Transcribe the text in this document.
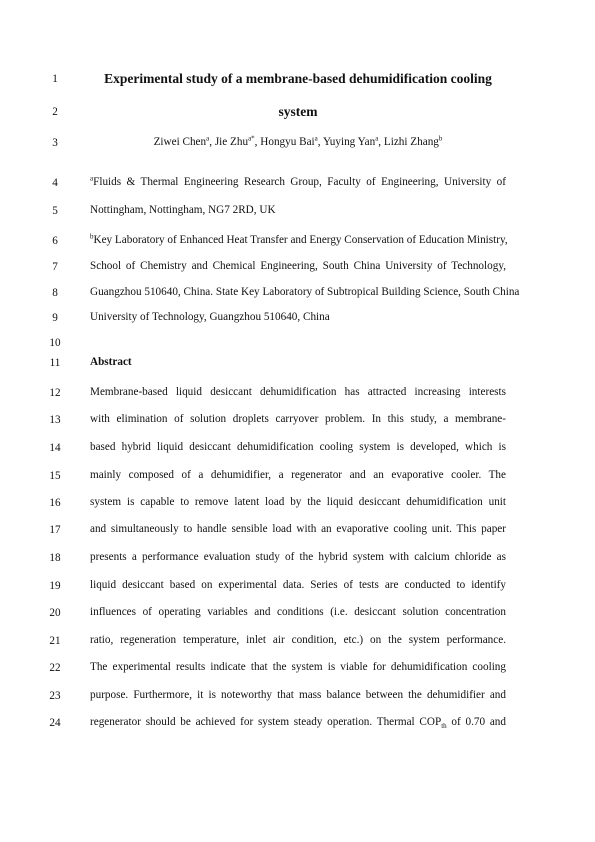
1
2
3
4
5
6
7
8
9
10
11
12
13
14
15
16
17
18
19
20
21
22
23
24
Experimental study of a membrane-based dehumidification cooling
system
Ziwei Chen$^a$, Jie Zhu$^{a*}$, Hongyu Bai$^a$, Yuying Yan$^a$, Lizhi Zhang$^b$
$^a$Fluids & Thermal Engineering Research Group, Faculty of Engineering, University of
Nottingham, Nottingham, NG7 2RD, UK
$^b$Key Laboratory of Enhanced Heat Transfer and Energy Conservation of Education Ministry,
School of Chemistry and Chemical Engineering, South China University of Technology,
Guangzhou 510640, China. State Key Laboratory of Subtropical Building Science, South China
University of Technology, Guangzhou 510640, China
Abstract
Membrane-based liquid desiccant dehumidification has attracted increasing interests
with elimination of solution droplets carryover problem. In this study, a membrane-
based hybrid liquid desiccant dehumidification cooling system is developed, which is
mainly composed of a dehumidifier, a regenerator and an evaporative cooler. The
system is capable to remove latent load by the liquid desiccant dehumidification unit
and simultaneously to handle sensible load with an evaporative cooling unit. This paper
presents a performance evaluation study of the hybrid system with calcium chloride as
liquid desiccant based on experimental data. Series of tests are conducted to identify
influences of operating variables and conditions (i.e. desiccant solution concentration
ratio, regeneration temperature, inlet air condition, etc.) on the system performance.
The experimental results indicate that the system is viable for dehumidification cooling
purpose. Furthermore, it is noteworthy that mass balance between the dehumidifier and
regenerator should be achieved for system steady operation. Thermal $COP_{th}$ of 0.70 and
